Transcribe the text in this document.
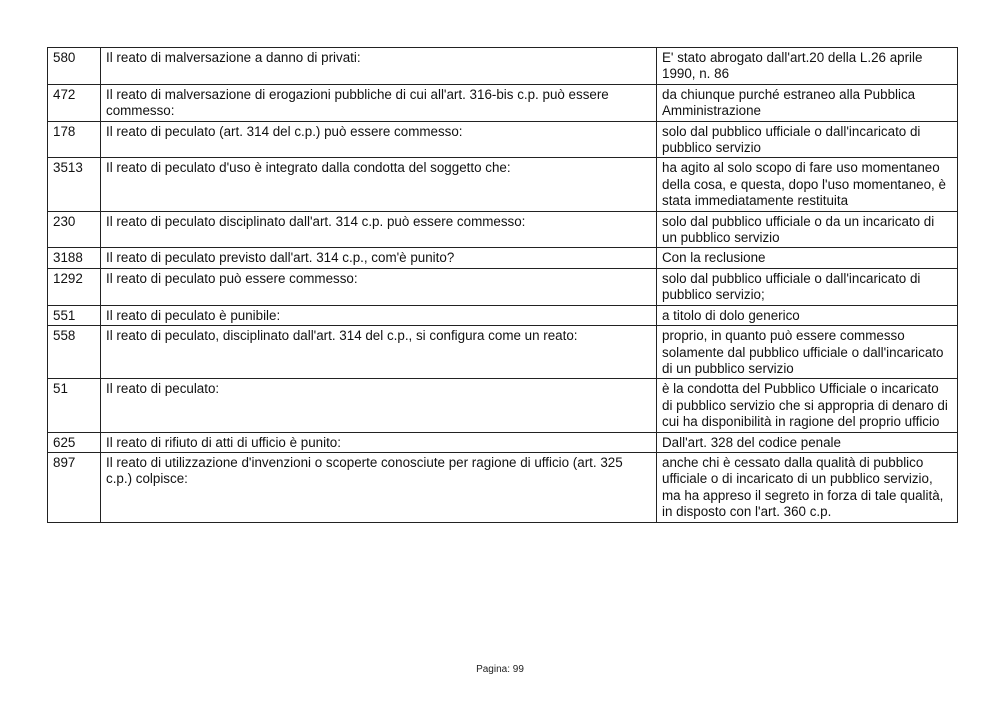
580	Il reato di malversazione a danno di privati:	E' stato abrogato dall'art.20 della L.26 aprile 1990, n. 86
472	Il reato di malversazione di erogazioni pubbliche di cui all'art. 316-bis c.p. può essere commesso:	da chiunque purché estraneo alla Pubblica Amministrazione
178	Il reato di peculato (art. 314 del c.p.) può essere commesso:	solo dal pubblico ufficiale o dall'incaricato di pubblico servizio
3513	Il reato di peculato d'uso è integrato dalla condotta del soggetto che:	ha agito al solo scopo di fare uso momentaneo della cosa, e questa, dopo l'uso momentaneo, è stata immediatamente restituita
230	Il reato di peculato disciplinato dall'art. 314 c.p. può essere commesso:	solo dal pubblico ufficiale o da un incaricato di un pubblico servizio
3188	Il reato di peculato previsto dall'art. 314 c.p., com'è punito?	Con la reclusione
1292	Il reato di peculato può essere commesso:	solo dal pubblico ufficiale o dall'incaricato di pubblico servizio;
551	Il reato di peculato è punibile:	a titolo di dolo generico
558	Il reato di peculato, disciplinato dall'art. 314 del c.p., si configura come un reato:	proprio, in quanto può essere commesso solamente dal pubblico ufficiale o dall'incaricato di un pubblico servizio
51	Il reato di peculato:	è la condotta del Pubblico Ufficiale o incaricato di pubblico servizio che si appropria di denaro di cui ha disponibilità in ragione del proprio ufficio
625	Il reato di rifiuto di atti di ufficio è punito:	Dall'art. 328 del codice penale
897	Il reato di utilizzazione d'invenzioni o scoperte conosciute per ragione di ufficio (art. 325 c.p.) colpisce:	anche chi è cessato dalla qualità di pubblico ufficiale o di incaricato di un pubblico servizio, ma ha appreso il segreto in forza di tale qualità, in disposto con l'art. 360 c.p.
Pagina: 99
